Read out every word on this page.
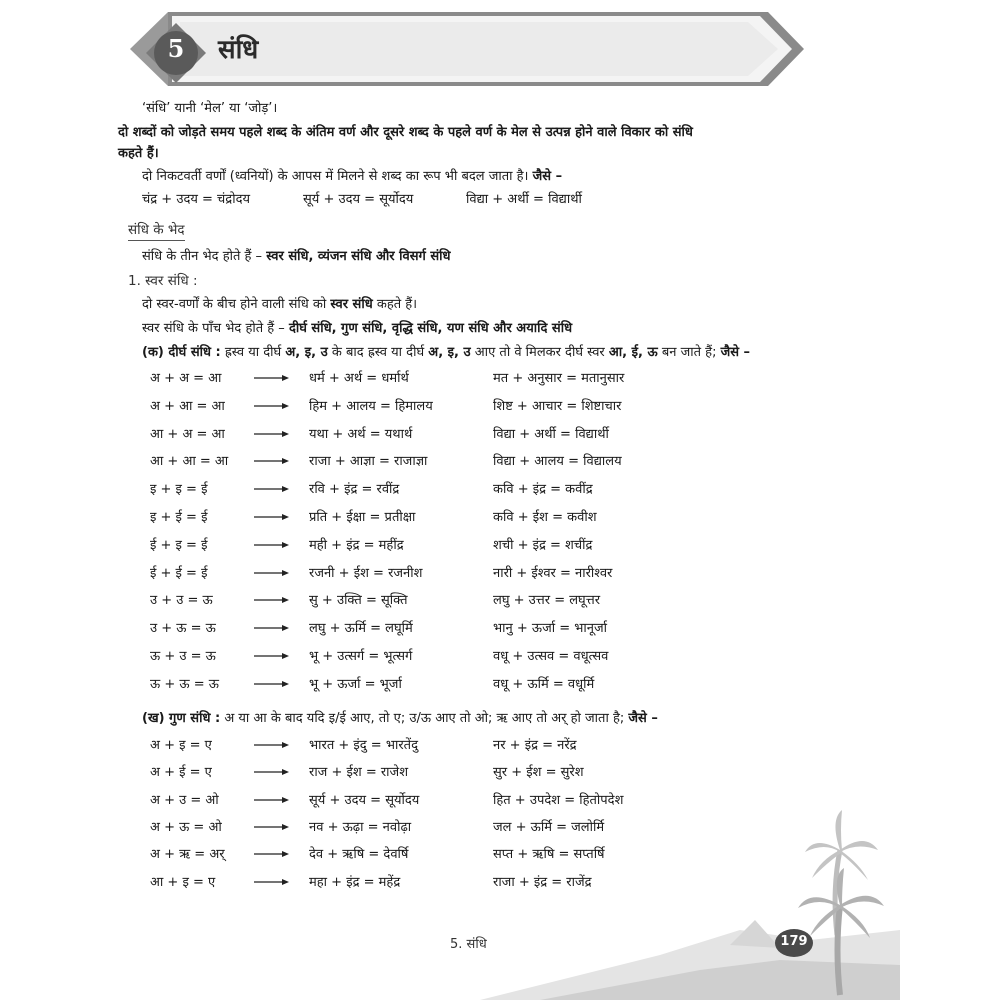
5	संधि
‘संधि’ यानी ‘मेल’ या ‘जोड़’।
दो शब्दों को जोड़ते समय पहले शब्द के अंतिम वर्ण और दूसरे शब्द के पहले वर्ण के मेल से उत्पन्न होने वाले विकार को संधि
कहते हैं।
दो निकटवर्ती वर्णों (ध्वनियों) के आपस में मिलने से शब्द का रूप भी बदल जाता है। जैसे –
चंद्र + उदय = चंद्रोदय	सूर्य + उदय = सूर्योदय	विद्या + अर्थी = विद्यार्थी
संधि के भेद
संधि के तीन भेद होते हैं – स्वर संधि, व्यंजन संधि और विसर्ग संधि
1. स्वर संधि :
दो स्वर-वर्णों के बीच होने वाली संधि को स्वर संधि कहते हैं।
स्वर संधि के पाँच भेद होते हैं – दीर्घ संधि, गुण संधि, वृद्धि संधि, यण संधि और अयादि संधि
(क) दीर्घ संधि : ह्रस्व या दीर्घ अ, इ, उ के बाद ह्रस्व या दीर्घ अ, इ, उ आए तो वे मिलकर दीर्घ स्वर आ, ई, ऊ बन जाते हैं; जैसे –
अ + अ = आ	धर्म + अर्थ = धर्मार्थ	मत + अनुसार = मतानुसार
अ + आ = आ	हिम + आलय = हिमालय	शिष्ट + आचार = शिष्टाचार
आ + अ = आ	यथा + अर्थ = यथार्थ	विद्या + अर्थी = विद्यार्थी
आ + आ = आ	राजा + आज्ञा = राजाज्ञा	विद्या + आलय = विद्यालय
इ + इ = ई	रवि + इंद्र = रवींद्र	कवि + इंद्र = कवींद्र
इ + ई = ई	प्रति + ईक्षा = प्रतीक्षा	कवि + ईश = कवीश
ई + इ = ई	मही + इंद्र = महींद्र	शची + इंद्र = शचींद्र
ई + ई = ई	रजनी + ईश = रजनीश	नारी + ईश्वर = नारीश्वर
उ + उ = ऊ	सु + उक्ति = सूक्ति	लघु + उत्तर = लघूत्तर
उ + ऊ = ऊ	लघु + ऊर्मि = लघूर्मि	भानु + ऊर्जा = भानूर्जा
ऊ + उ = ऊ	भू + उत्सर्ग = भूत्सर्ग	वधू + उत्सव = वधूत्सव
ऊ + ऊ = ऊ	भू + ऊर्जा = भूर्जा	वधू + ऊर्मि = वधूर्मि
(ख) गुण संधि : अ या आ के बाद यदि इ/ई आए, तो ए; उ/ऊ आए तो ओ; ऋ आए तो अर् हो जाता है; जैसे –
अ + इ = ए	भारत + इंदु = भारतेंदु	नर + इंद्र = नरेंद्र
अ + ई = ए	राज + ईश = राजेश	सुर + ईश = सुरेश
अ + उ = ओ	सूर्य + उदय = सूर्योदय	हित + उपदेश = हितोपदेश
अ + ऊ = ओ	नव + ऊढ़ा = नवोढ़ा	जल + ऊर्मि = जलोर्मि
अ + ऋ = अर्	देव + ऋषि = देवर्षि	सप्त + ऋषि = सप्तर्षि
आ + इ = ए	महा + इंद्र = महेंद्र	राजा + इंद्र = राजेंद्र
5. संधि	179
